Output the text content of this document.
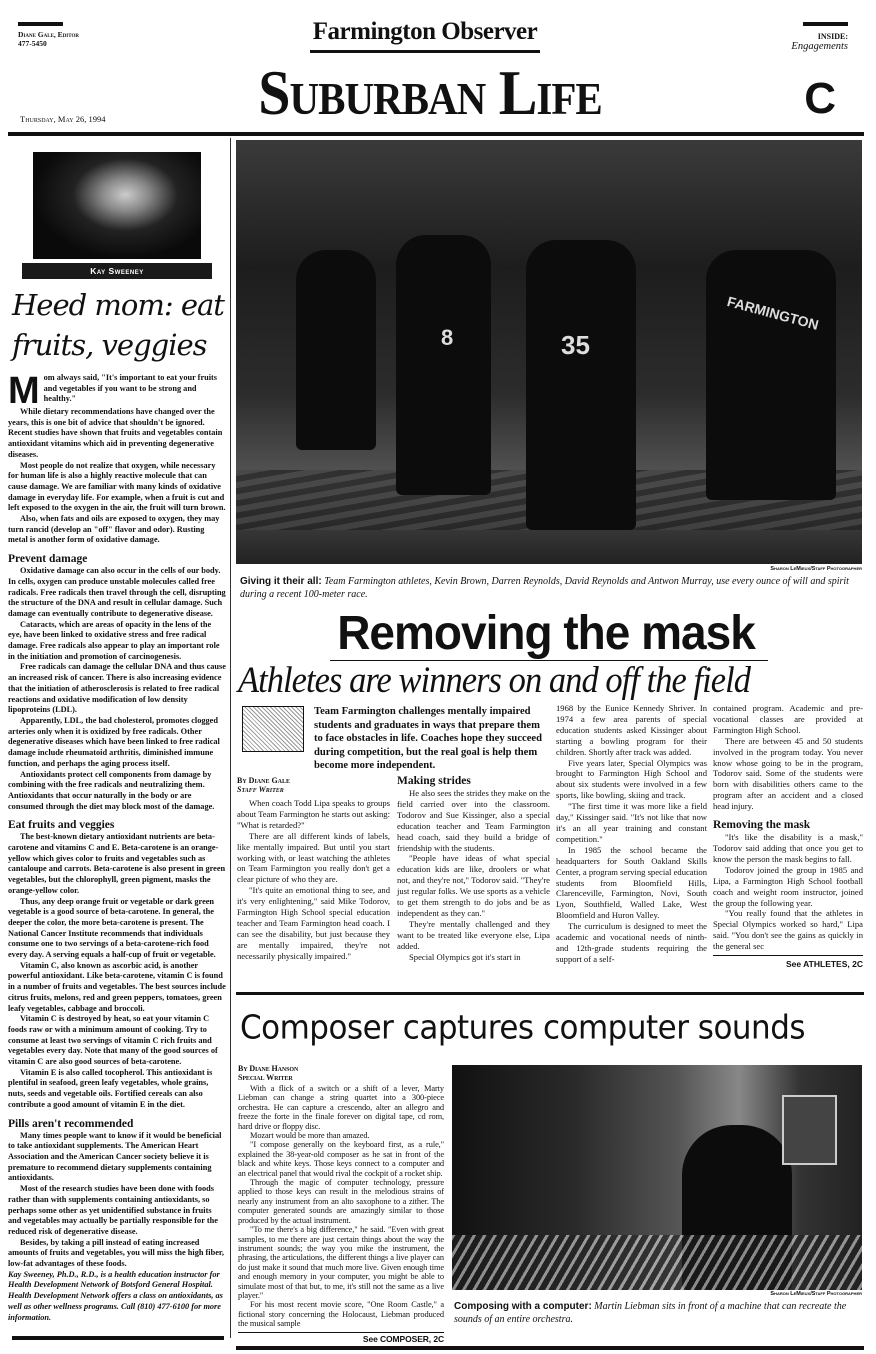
Diane Gale, Editor
477-5450	Farmington Observer
Suburban Life
Thursday, May 26, 1994
INSIDE:
Engagements
C
Kay Sweeney
Heed mom: eat fruits, veggies

Mom always said, "It's important to eat your fruits and vegetables if you want to be strong and healthy."

While dietary recommendations have changed over the years, this is one bit of advice that shouldn't be ignored. Recent studies have shown that fruits and vegetables contain antioxidant vitamins which aid in preventing degenerative diseases.

Most people do not realize that oxygen, while necessary for human life is also a highly reactive molecule that can cause damage. We are familiar with many kinds of oxidative damage in everyday life. For example, when a fruit is cut and left exposed to the oxygen in the air, the fruit will turn brown.

Also, when fats and oils are exposed to oxygen, they may turn rancid (develop an "off" flavor and odor). Rusting metal is another form of oxidative damage.

Prevent damage

Oxidative damage can also occur in the cells of our body. In cells, oxygen can produce unstable molecules called free radicals. Free radicals then travel through the cell, disrupting the structure of the DNA and result in cellular damage. Such damage can eventually contribute to degenerative disease.

Cataracts, which are areas of opacity in the lens of the eye, have been linked to oxidative stress and free radical damage. Free radicals also appear to play an important role in the initiation and promotion of carcinogenesis.

Free radicals can damage the cellular DNA and thus cause an increased risk of cancer. There is also increasing evidence that the initiation of atherosclerosis is related to free radical reactions and oxidative modification of low density lipoproteins (LDL).

Apparently, LDL, the bad cholesterol, promotes clogged arteries only when it is oxidized by free radicals. Other degenerative diseases which have been linked to free radical damage include rheumatoid arthritis, diminished immune function, and perhaps the aging process itself.

Antioxidants protect cell components from damage by combining with the free radicals and neutralizing them. Antioxidants that occur naturally in the body or are consumed through the diet may block most of the damage.

Eat fruits and veggies

The best-known dietary antioxidant nutrients are beta-carotene and vitamins C and E. Beta-carotene is an orange-yellow which gives color to fruits and vegetables such as cantaloupe and carrots. Beta-carotene is also present in green vegetables, but the chlorophyll, green pigment, masks the orange-yellow color.

Thus, any deep orange fruit or vegetable or dark green vegetable is a good source of beta-carotene. In general, the deeper the color, the more beta-carotene is present. The National Cancer Institute recommends that individuals consume one to two servings of a beta-carotene-rich food every day. A serving equals a half-cup of fruit or vegetable.

Vitamin C, also known as ascorbic acid, is another powerful antioxidant. Like beta-carotene, vitamin C is found in a number of fruits and vegetables. The best sources include citrus fruits, melons, red and green peppers, tomatoes, green leafy vegetables, cabbage and broccoli.

Vitamin C is destroyed by heat, so eat your vitamin C foods raw or with a minimum amount of cooking. Try to consume at least two servings of vitamin C rich fruits and vegetables every day. Note that many of the good sources of vitamin C are also good sources of beta-carotene.

Vitamin E is also called tocopherol. This antioxidant is plentiful in seafood, green leafy vegetables, whole grains, nuts, seeds and vegetable oils. Fortified cereals can also contribute a good amount of vitamin E in the diet.

Pills aren't recommended

Many times people want to know if it would be beneficial to take antioxidant supplements. The American Heart Association and the American Cancer society believe it is premature to recommend dietary supplements containing antioxidants.

Most of the research studies have been done with foods rather than with supplements containing antioxidants, so perhaps some other as yet unidentified substance in fruits and vegetables may actually be partially responsible for the reduced risk of degenerative disease.

Besides, by taking a pill instead of eating increased amounts of fruits and vegetables, you will miss the high fiber, low-fat advantages of these foods.

Kay Sweeney, Ph.D., R.D., is a health education instructor for Health Development Network of Botsford General Hospital. Health Development Network offers a class on antioxidants, as well as other wellness programs. Call (810) 477-6100 for more information.

8	35
FARMINGTON
Sharon LeMieux/Staff Photographer
Giving it their all: Team Farmington athletes, Kevin Brown, Darren Reynolds, David Reynolds and Antwon Murray, use every ounce of will and spirit during a recent 100-meter race.
Removing the mask
Athletes are winners on and off the field
Team Farmington challenges mentally impaired students and graduates in ways that prepare them to face obstacles in life. Coaches hope they succeed during competition, but the real goal is help them become more independent.
By Diane Gale
Staff Writer

When coach Todd Lipa speaks to groups about Team Farmington he starts out asking: "What is retarded?"

There are all different kinds of labels, like mentally impaired. But until you start working with, or least watching the athletes on Team Farmington you really don't get a clear picture of who they are.

"It's quite an emotional thing to see, and it's very enlightening," said Mike Todorov, Farmington High School special education teacher and Team Farmington head coach. I can see the disability, but just because they are mentally impaired, they're not necessarily physically impaired."

Making strides

He also sees the strides they make on the field carried over into the classroom. Todorov and Sue Kissinger, also a special education teacher and Team Farmington head coach, said they build a bridge of friendship with the students.

"People have ideas of what special education kids are like, droolers or what not, and they're not," Todorov said. "They're just regular folks. We use sports as a vehicle to get them strength to do jobs and be as independent as they can."

They're mentally challenged and they want to be treated like everyone else, Lipa added.

Special Olympics got it's start in

1968 by the Eunice Kennedy Shriver. In 1974 a few area parents of special education students asked Kissinger about starting a bowling program for their children. Shortly after track was added.

Five years later, Special Olympics was brought to Farmington High School and about six students were involved in a few sports, like bowling, skiing and track.

"The first time it was more like a field day," Kissinger said. "It's not like that now it's an all year training and constant competition."

In 1985 the school became the headquarters for South Oakland Skills Center, a program serving special education students from Bloomfield Hills, Clarenceville, Farmington, Novi, South Lyon, Southfield, Walled Lake, West Bloomfield and Huron Valley.

The curriculum is designed to meet the academic and vocational needs of ninth- and 12th-grade students requiring the support of a self-

contained program. Academic and pre-vocational classes are provided at Farmington High School.

There are between 45 and 50 students involved in the program today. You never know whose going to be in the program, Todorov said. Some of the students were born with disabilities others came to the program after an accident and a closed head injury.

Removing the mask

"It's like the disability is a mask," Todorov said adding that once you get to know the person the mask begins to fall.

Todorov joined the group in 1985 and Lipa, a Farmington High School football coach and weight room instructor, joined the group the following year.

"You really found that the athletes in Special Olympics worked so hard," Lipa said. "You don't see the gains as quickly in the general sec

See ATHLETES, 2C
Composer captures computer sounds
By Diane Hanson
Special Writer

With a flick of a switch or a shift of a lever, Marty Liebman can change a string quartet into a 300-piece orchestra. He can capture a crescendo, alter an allegro and freeze the forte in the finale forever on digital tape, cd rom, hard drive or floppy disc.

Mozart would be more than amazed.

"I compose generally on the keyboard first, as a rule," explained the 38-year-old composer as he sat in front of the black and white keys. Those keys connect to a computer and an electrical panel that would rival the cockpit of a rocket ship.

Through the magic of computer technology, pressure applied to those keys can result in the melodious strains of nearly any instrument from an alto saxophone to a zither. The computer generated sounds are amazingly similar to those produced by the actual instrument.

"To me there's a big difference," he said. "Even with great samples, to me there are just certain things about the way the instrument sounds; the way you mike the instrument, the phrasing, the articulations, the different things a live player can do just make it sound that much more live. Given enough time and enough memory in your computer, you might be able to simulate most of that but, to me, it's still not the same as a live player."

For his most recent movie score, "One Room Castle," a fictional story concerning the Holocaust, Liebman produced the musical sample

See COMPOSER, 2C
Sharon LeMieux/Staff Photographer
Composing with a computer: Martin Liebman sits in front of a machine that can recreate the sounds of an entire orchestra.
